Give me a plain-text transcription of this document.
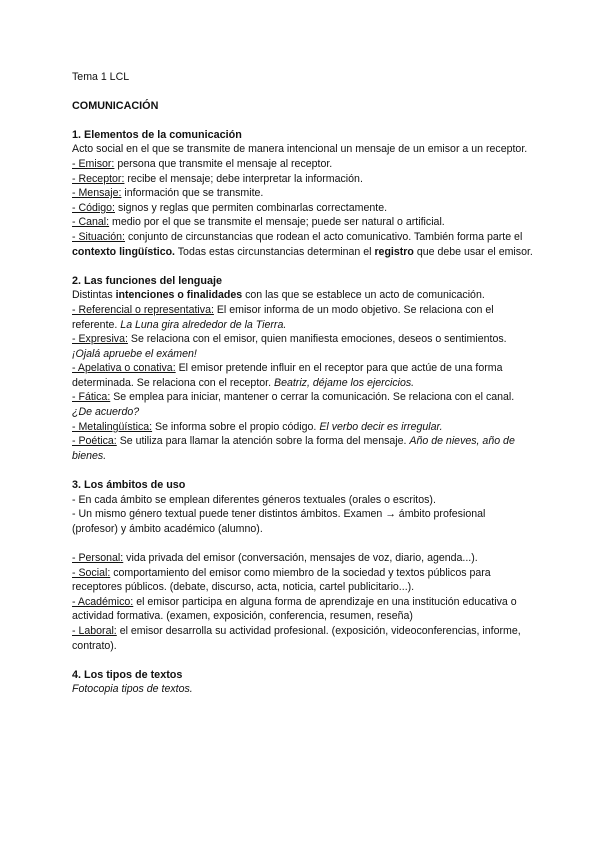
Tema 1 LCL

COMUNICACIÓN

1. Elementos de la comunicación

Acto social en el que se transmite de manera intencional un mensaje de un emisor a un receptor.

- Emisor: persona que transmite el mensaje al receptor.

- Receptor: recibe el mensaje; debe interpretar la información.

- Mensaje: información que se transmite.

- Código: signos y reglas que permiten combinarlas correctamente.

- Canal: medio por el que se transmite el mensaje; puede ser natural o artificial.

- Situación: conjunto de circunstancias que rodean el acto comunicativo. También forma parte el contexto lingüístico. Todas estas circunstancias determinan el registro que debe usar el emisor.

2. Las funciones del lenguaje

Distintas intenciones o finalidades con las que se establece un acto de comunicación.

- Referencial o representativa: El emisor informa de un modo objetivo. Se relaciona con el referente. La Luna gira alrededor de la Tierra.

- Expresiva: Se relaciona con el emisor, quien manifiesta emociones, deseos o sentimientos. ¡Ojalá apruebe el exámen!

- Apelativa o conativa: El emisor pretende influir en el receptor para que actúe de una forma determinada. Se relaciona con el receptor. Beatriz, déjame los ejercicios.

- Fática: Se emplea para iniciar, mantener o cerrar la comunicación. Se relaciona con el canal. ¿De acuerdo?

- Metalingüística: Se informa sobre el propio código. El verbo decir es irregular.

- Poética: Se utiliza para llamar la atención sobre la forma del mensaje. Año de nieves, año de bienes.

3. Los ámbitos de uso

- En cada ámbito se emplean diferentes géneros textuales (orales o escritos).

- Un mismo género textual puede tener distintos ámbitos. Examen → ámbito profesional (profesor) y ámbito académico (alumno).

- Personal: vida privada del emisor (conversación, mensajes de voz, diario, agenda...).

- Social: comportamiento del emisor como miembro de la sociedad y textos públicos para receptores públicos. (debate, discurso, acta, noticia, cartel publicitario...).

- Académico: el emisor participa en alguna forma de aprendizaje en una institución educativa o actividad formativa. (examen, exposición, conferencia, resumen, reseña)

- Laboral: el emisor desarrolla su actividad profesional. (exposición, videoconferencias, informe, contrato).

4. Los tipos de textos

Fotocopia tipos de textos.
